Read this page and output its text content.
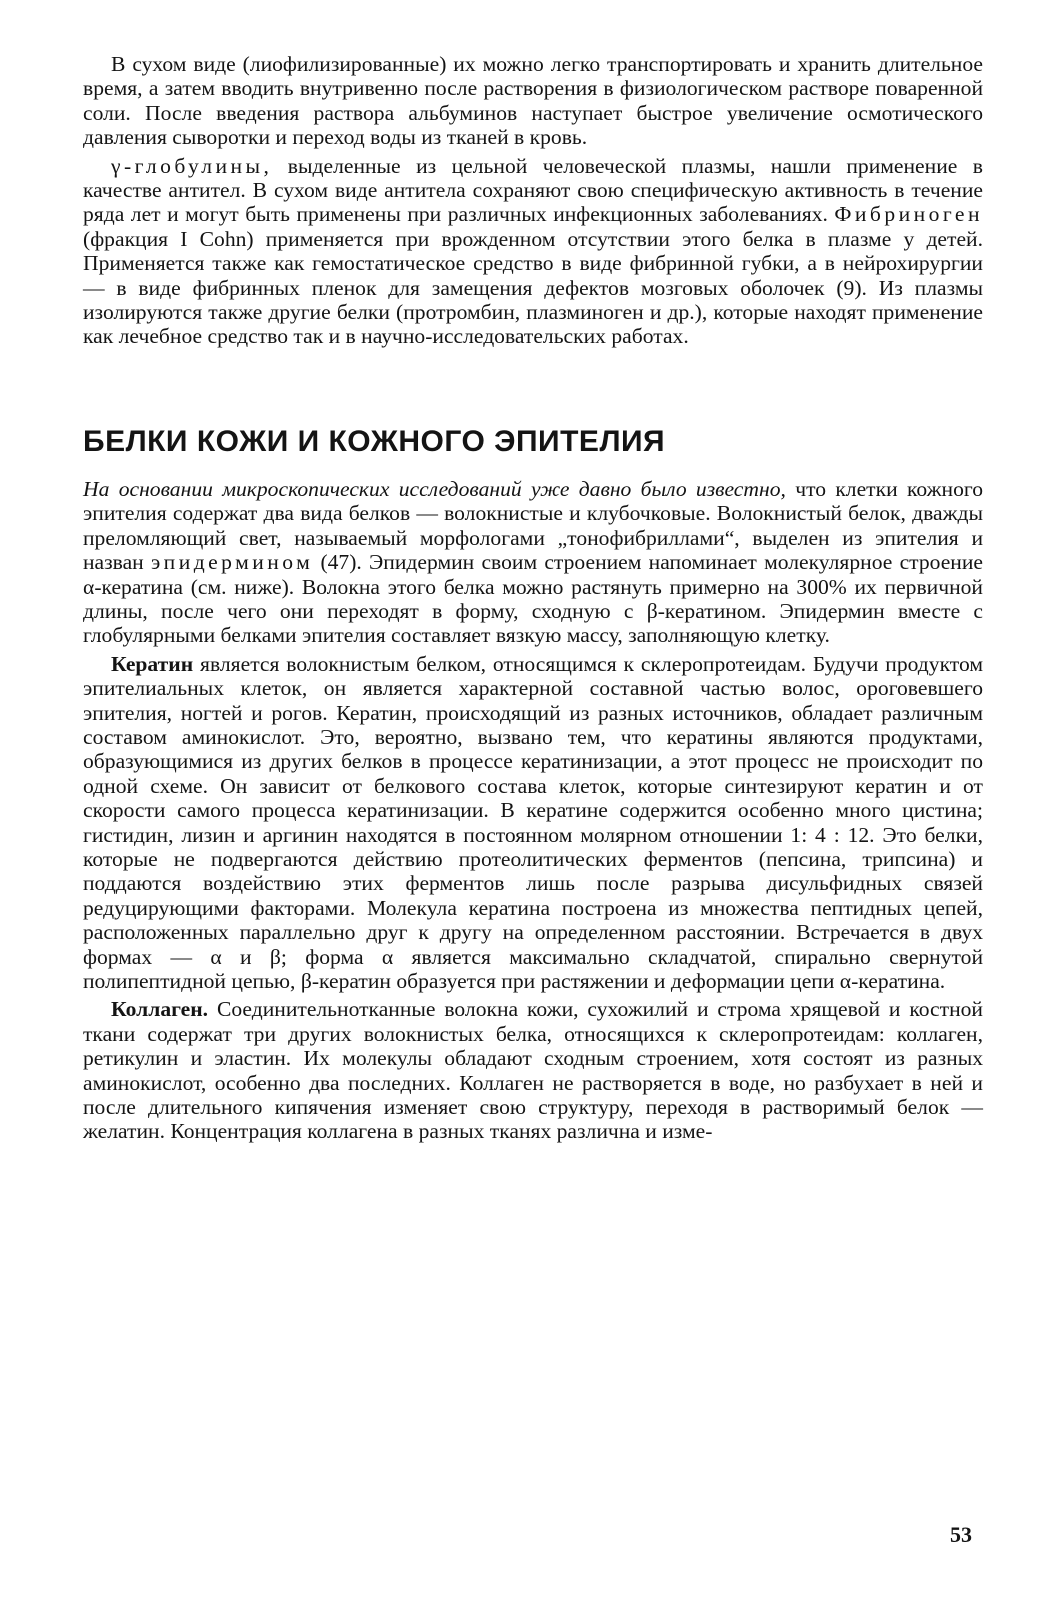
В сухом виде (лиофилизированные) их можно легко транспортировать и хранить длительное время, а затем вводить внутривенно после растворения в физиологическом растворе поваренной соли. После введения раствора альбуминов наступает быстрое увеличение осмотического давления сыворотки и переход воды из тканей в кровь.

γ-глобулины, выделенные из цельной человеческой плазмы, нашли применение в качестве антител. В сухом виде антитела сохраняют свою специфическую активность в течение ряда лет и могут быть применены при различных инфекционных заболеваниях. Фибриноген (фракция I Cohn) применяется при врожденном отсутствии этого белка в плазме у детей. Применяется также как гемостатическое средство в виде фибринной губки, а в нейрохирургии — в виде фибринных пленок для замещения дефектов мозговых оболочек (9). Из плазмы изолируются также другие белки (протромбин, плазминоген и др.), которые находят применение как лечебное средство так и в научно-исследовательских работах.

БЕЛКИ КОЖИ И КОЖНОГО ЭПИТЕЛИЯ

На основании микроскопических исследований уже давно было известно, что клетки кожного эпителия содержат два вида белков — волокнистые и клубочковые. Волокнистый белок, дважды преломляющий свет, называемый морфологами „тонофибриллами“, выделен из эпителия и назван эпидермином (47). Эпидермин своим строением напоминает молекулярное строение α-кератина (см. ниже). Волокна этого белка можно растянуть примерно на 300% их первичной длины, после чего они переходят в форму, сходную с β-кератином. Эпидермин вместе с глобулярными белками эпителия составляет вязкую массу, заполняющую клетку.

Кератин является волокнистым белком, относящимся к склеропротеидам. Будучи продуктом эпителиальных клеток, он является характерной составной частью волос, ороговевшего эпителия, ногтей и рогов. Кератин, происходящий из разных источников, обладает различным составом аминокислот. Это, вероятно, вызвано тем, что кератины являются продуктами, образующимися из других белков в процессе кератинизации, а этот процесс не происходит по одной схеме. Он зависит от белкового состава клеток, которые синтезируют кератин и от скорости самого процесса кератинизации. В кератине содержится особенно много цистина; гистидин, лизин и аргинин находятся в постоянном молярном отношении 1: 4 : 12. Это белки, которые не подвергаются действию протеолитических ферментов (пепсина, трипсина) и поддаются воздействию этих ферментов лишь после разрыва дисульфидных связей редуцирующими факторами. Молекула кератина построена из множества пептидных цепей, расположенных параллельно друг к другу на определенном расстоянии. Встречается в двух формах — α и β; форма α является максимально складчатой, спирально свернутой полипептидной цепью, β-кератин образуется при растяжении и деформации цепи α-кератина.

Коллаген. Соединительнотканные волокна кожи, сухожилий и строма хрящевой и костной ткани содержат три других волокнистых белка, относящихся к склеропротеидам: коллаген, ретикулин и эластин. Их молекулы обладают сходным строением, хотя состоят из разных аминокислот, особенно два последних. Коллаген не растворяется в воде, но разбухает в ней и после длительного кипячения изменяет свою структуру, переходя в растворимый белок — желатин. Концентрация коллагена в разных тканях различна и изме-

53
